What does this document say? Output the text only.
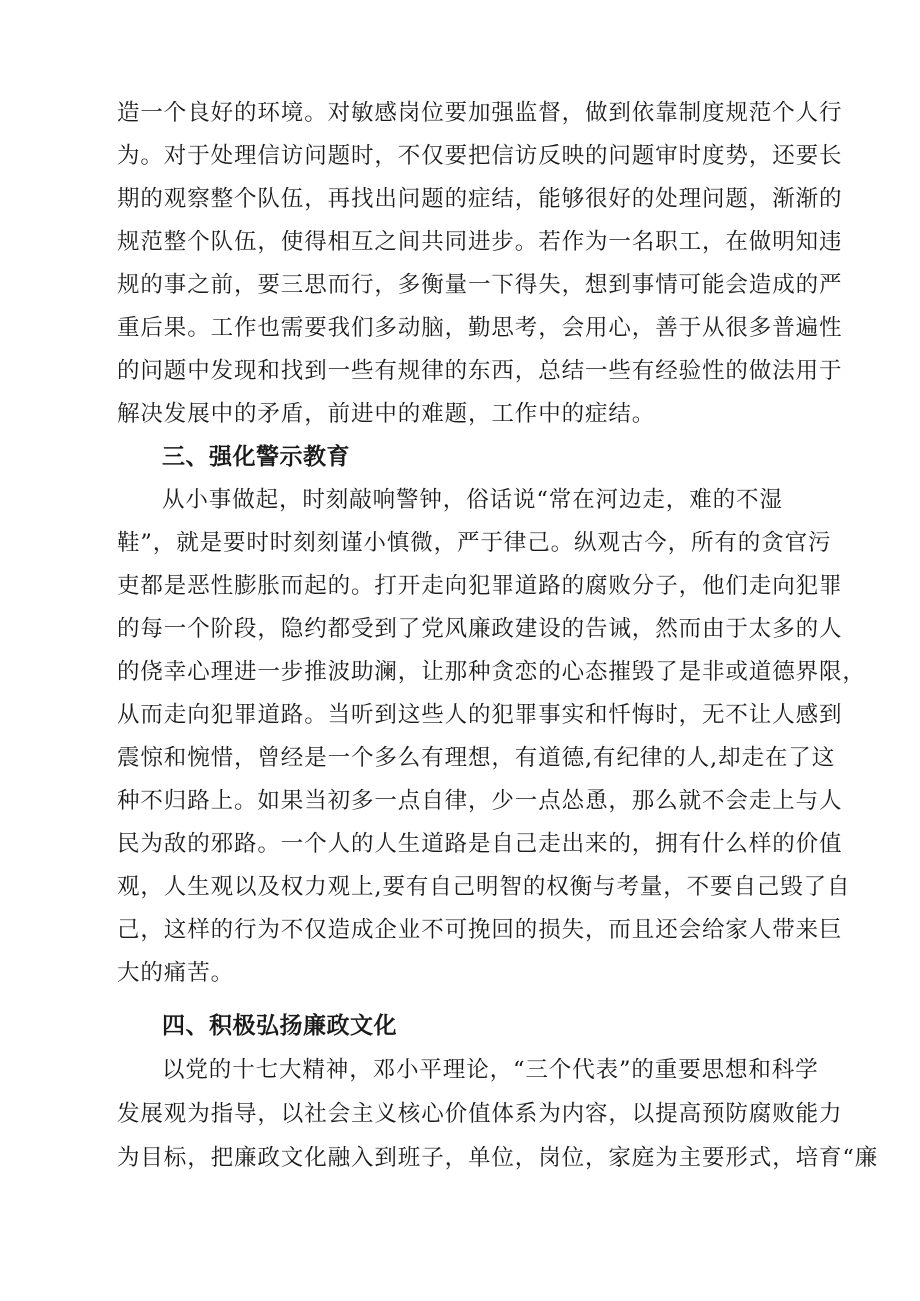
造一个良好的环境。对敏感岗位要加强监督，做到依靠制度规范个人行
为。对于处理信访问题时，不仅要把信访反映的问题审时度势，还要长
期的观察整个队伍，再找出问题的症结，能够很好的处理问题，渐渐的
规范整个队伍，使得相互之间共同进步。若作为一名职工，在做明知违
规的事之前，要三思而行，多衡量一下得失，想到事情可能会造成的严
重后果。工作也需要我们多动脑，勤思考，会用心，善于从很多普遍性
的问题中发现和找到一些有规律的东西，总结一些有经验性的做法用于
解决发展中的矛盾，前进中的难题，工作中的症结。
三、强化警示教育
从小事做起，时刻敲响警钟，俗话说“常在河边走，难的不湿
鞋”，就是要时时刻刻谨小慎微，严于律己。纵观古今，所有的贪官污
吏都是恶性膨胀而起的。打开走向犯罪道路的腐败分子，他们走向犯罪
的每一个阶段，隐约都受到了党风廉政建设的告诫，然而由于太多的人
的侥幸心理进一步推波助澜，让那种贪恋的心态摧毁了是非或道德界限，
从而走向犯罪道路。当听到这些人的犯罪事实和忏悔时，无不让人感到
震惊和惋惜，曾经是一个多么有理想，有道德,有纪律的人,却走在了这
种不归路上。如果当初多一点自律，少一点怂恿，那么就不会走上与人
民为敌的邪路。一个人的人生道路是自己走出来的，拥有什么样的价值
观，人生观以及权力观上,要有自己明智的权衡与考量，不要自己毁了自
己，这样的行为不仅造成企业不可挽回的损失，而且还会给家人带来巨
大的痛苦。
四、积极弘扬廉政文化
以党的十七大精神，邓小平理论，“三个代表”的重要思想和科学
发展观为指导，以社会主义核心价值体系为内容，以提高预防腐败能力
为目标，把廉政文化融入到班子，单位，岗位，家庭为主要形式，培育“廉
